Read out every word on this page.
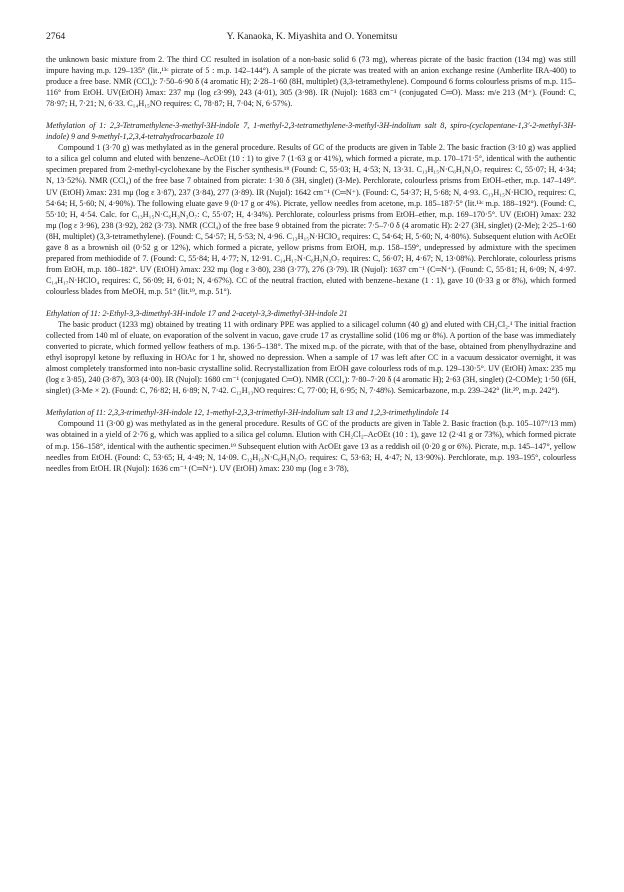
2764	Y. Kanaoka, K. Miyashita and O. Yonemitsu

the unknown basic mixture from 2. The third CC resulted in isolation of a non-basic solid 6 (73 mg), whereas picrate of the basic fraction (134 mg) was still impure having m.p. 129–135° (lit.,¹³ᶜ picrate of 5 : m.p. 142–144°). A sample of the picrate was treated with an anion exchange resine (Amberlite IRA-400) to produce a free base. NMR (CCl₄): 7·50–6·90 δ (4 aromatic H); 2·28–1·60 (8H, multiplet) (3,3-tetramethylene). Compound 6 forms colourless prisms of m.p. 115–116° from EtOH. UV(EtOH) λmax: 237 mμ (log ε3·99), 243 (4·01), 305 (3·98). IR (Nujol): 1683 cm⁻¹ (conjugated C═O). Mass: m/e 213 (M⁺). (Found: C, 78·97; H, 7·21; N, 6·33. C₁₄H₁₅NO requires: C, 78·87; H, 7·04; N, 6·57%).

Methylation of 1: 2,3-Tetramethylene-3-methyl-3H-indole 7, 1-methyl-2,3-tetramethylene-3-methyl-3H-indolium salt 8, spiro-(cyclopentane-1,3′-2-methyl-3H-indole) 9 and 9-methyl-1,2,3,4-tetrahydrocarbazole 10

Compound 1 (3·70 g) was methylated as in the general procedure. Results of GC of the products are given in Table 2. The basic fraction (3·10 g) was applied to a silica gel column and eluted with benzene–AcOEt (10 : 1) to give 7 (1·63 g or 41%), which formed a picrate, m.p. 170–171·5°, identical with the authentic specimen prepared from 2-methyl-cyclohexane by the Fischer synthesis.¹⁸ (Found: C, 55·03; H, 4·53; N, 13·31. C₁₃H₁₅N·C₆H₃N₃O₇ requires: C, 55·07; H, 4·34; N, 13·52%). NMR (CCl₄) of the free base 7 obtained from picrate: 1·30 δ (3H, singlet) (3-Me). Perchlorate, colourless prisms from EtOH–ether, m.p. 147–149°. UV (EtOH) λmax: 231 mμ (log ε 3·87), 237 (3·84), 277 (3·89). IR (Nujol): 1642 cm⁻¹ (C═N⁺). (Found: C, 54·37; H, 5·68; N, 4·93. C₁₃H₁₅N·HClO₄ requires: C, 54·64; H, 5·60; N, 4·90%). The following eluate gave 9 (0·17 g or 4%). Picrate, yellow needles from acetone, m.p. 185–187·5° (lit.¹³ᶜ m.p. 188–192°). (Found: C, 55·10; H, 4·54. Calc. for C₁₃H₁₅N·C₆H₃N₃O₇: C, 55·07; H, 4·34%). Perchlorate, colourless prisms from EtOH–ether, m.p. 169–170·5°. UV (EtOH) λmax: 232 mμ (log ε 3·96), 238 (3·92), 282 (3·73). NMR (CCl₄) of the free base 9 obtained from the picrate: 7·5–7·0 δ (4 aromatic H): 2·27 (3H, singlet) (2-Me); 2·25–1·60 (8H, multiplet) (3,3-tetramethylene). (Found: C, 54·57; H, 5·53; N, 4·96. C₁₃H₁₅N·HClO₄ requires: C, 54·64; H, 5·60; N, 4·80%). Subsequent elution with AcOEt gave 8 as a brownish oil (0·52 g or 12%), which formed a picrate, yellow prisms from EtOH, m.p. 158–159°, undepressed by admixture with the specimen prepared from methiodide of 7. (Found: C, 55·84; H, 4·77; N, 12·91. C₁₄H₁₇N·C₆H₃N₃O₇ requires: C, 56·07; H, 4·67; N, 13·08%). Perchlorate, colourless prisms from EtOH, m.p. 180–182°. UV (EtOH) λmax: 232 mμ (log ε 3·80), 238 (3·77), 276 (3·79). IR (Nujol): 1637 cm⁻¹ (C═N⁺). (Found: C, 55·81; H, 6·09; N, 4·97. C₁₄H₁₇N·HClO₄ requires: C, 56·09; H, 6·01; N, 4·67%). CC of the neutral fraction, eluted with benzene–hexane (1 : 1), gave 10 (0·33 g or 8%), which formed colourless blades from MeOH, m.p. 51° (lit.¹⁹, m.p. 51°).

Ethylation of 11: 2-Ethyl-3,3-dimethyl-3H-indole 17 and 2-acetyl-3,3-dimethyl-3H-indole 21

The basic product (1233 mg) obtained by treating 11 with ordinary PPE was applied to a silicagel column (40 g) and eluted with CH₂Cl₂.¹ The initial fraction collected from 140 ml of eluate, on evaporation of the solvent in vacuo, gave crude 17 as crystalline solid (106 mg or 8%). A portion of the base was immediately converted to picrate, which formed yellow feathers of m.p. 136·5–138°. The mixed m.p. of the picrate, with that of the base, obtained from phenylhydrazine and ethyl isopropyl ketone by refluxing in HOAc for 1 hr, showed no depression. When a sample of 17 was left after CC in a vacuum dessicator overnight, it was almost completely transformed into non-basic crystalline solid. Recrystallization from EtOH gave colourless rods of m.p. 129–130·5°. UV (EtOH) λmax: 235 mμ (log ε 3·85), 240 (3·87), 303 (4·00). IR (Nujol): 1680 cm⁻¹ (conjugated C═O). NMR (CCl₄): 7·80–7·20 δ (4 aromatic H); 2·63 (3H, singlet) (2-COMe); 1·50 (6H, singlet) (3-Me × 2). (Found: C, 76·82; H, 6·89; N, 7·42. C₁₂H₁₃NO requires: C, 77·00; H, 6·95; N, 7·48%). Semicarbazone, m.p. 239–242° (lit.²⁰, m.p. 242°).

Methylation of 11: 2,3,3-trimethyl-3H-indole 12, 1-methyl-2,3,3-trimethyl-3H-indolium salt 13 and 1,2,3-trimethylindole 14

Compound 11 (3·00 g) was methylated as in the general procedure. Results of GC of the products are given in Table 2. Basic fraction (b.p. 105–107°/13 mm) was obtained in a yield of 2·76 g, which was applied to a silica gel column. Elution with CH₂Cl₂–AcOEt (10 : 1), gave 12 (2·41 g or 73%), which formed picrate of m.p. 156–158°, identical with the authentic specimen.¹⁹ Subsequent elution with AcOEt gave 13 as a reddish oil (0·20 g or 6%). Picrate, m.p. 145–147°, yellow needles from EtOH. (Found: C, 53·65; H, 4·49; N, 14·09. C₁₂H₁₅N·C₆H₃N₃O₇ requires: C, 53·63; H, 4·47; N, 13·90%). Perchlorate, m.p. 193–195°, colourless needles from EtOH. IR (Nujol): 1636 cm⁻¹ (C═N⁺). UV (EtOH) λmax: 230 mμ (log ε 3·78),
